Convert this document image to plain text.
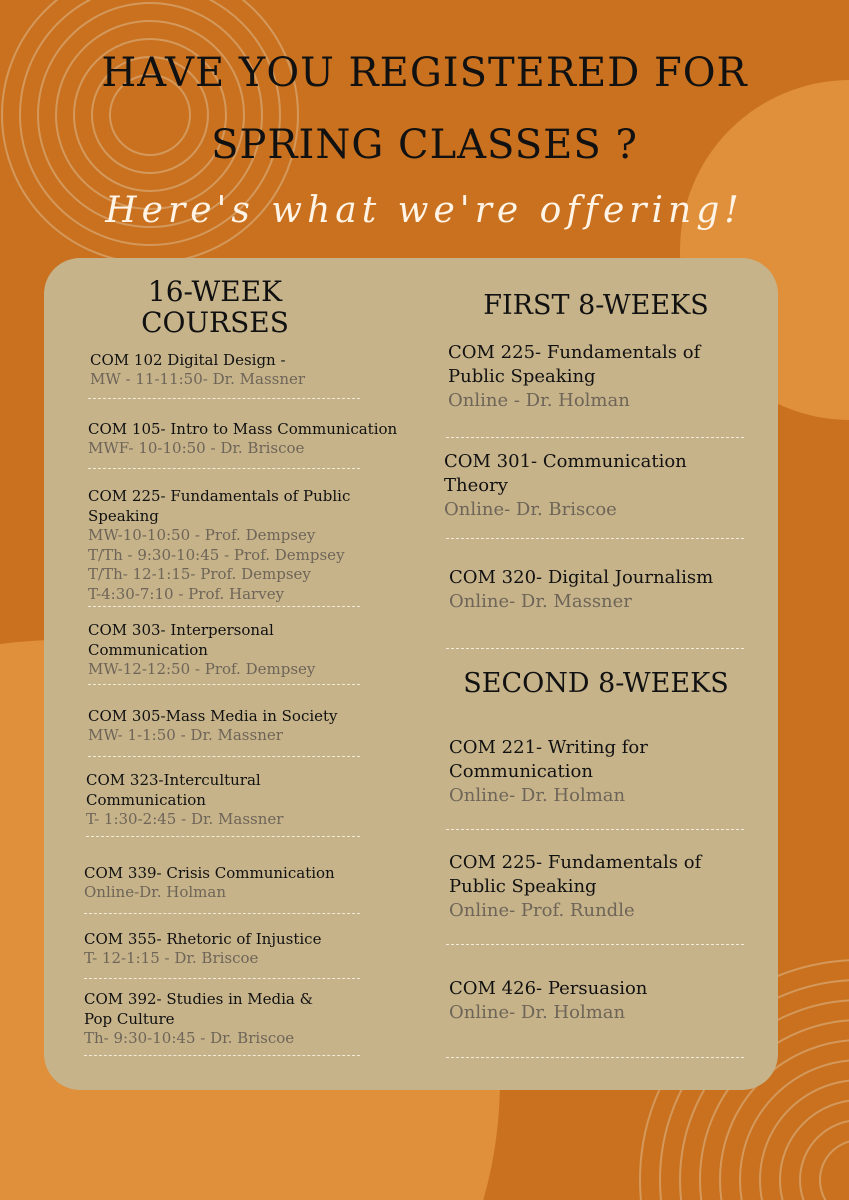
HAVE YOU REGISTERED FOR
SPRING CLASSES ?
Here's what we're offering!
16-WEEK
COURSES
COM 102 Digital Design -
MW - 11-11:50- Dr. Massner
COM 105- Intro to Mass Communication
MWF- 10-10:50 - Dr. Briscoe
COM 225- Fundamentals of Public
Speaking
MW-10-10:50 - Prof. Dempsey
T/Th - 9:30-10:45 - Prof. Dempsey
T/Th- 12-1:15- Prof. Dempsey
T-4:30-7:10 - Prof. Harvey
COM 303- Interpersonal
Communication
MW-12-12:50 - Prof. Dempsey
COM 305-Mass Media in Society
MW- 1-1:50 - Dr. Massner
COM 323-Intercultural
Communication
T- 1:30-2:45 - Dr. Massner
COM 339- Crisis Communication
Online-Dr. Holman
COM 355- Rhetoric of Injustice
T- 12-1:15 - Dr. Briscoe
COM 392- Studies in Media &
Pop Culture
Th- 9:30-10:45 - Dr. Briscoe
FIRST 8-WEEKS
COM 225- Fundamentals of
Public Speaking
Online - Dr. Holman
COM 301- Communication
Theory
Online- Dr. Briscoe
COM 320- Digital Journalism
Online- Dr. Massner
SECOND 8-WEEKS
COM 221- Writing for
Communication
Online- Dr. Holman
COM 225- Fundamentals of
Public Speaking
Online- Prof. Rundle
COM 426- Persuasion
Online- Dr. Holman
